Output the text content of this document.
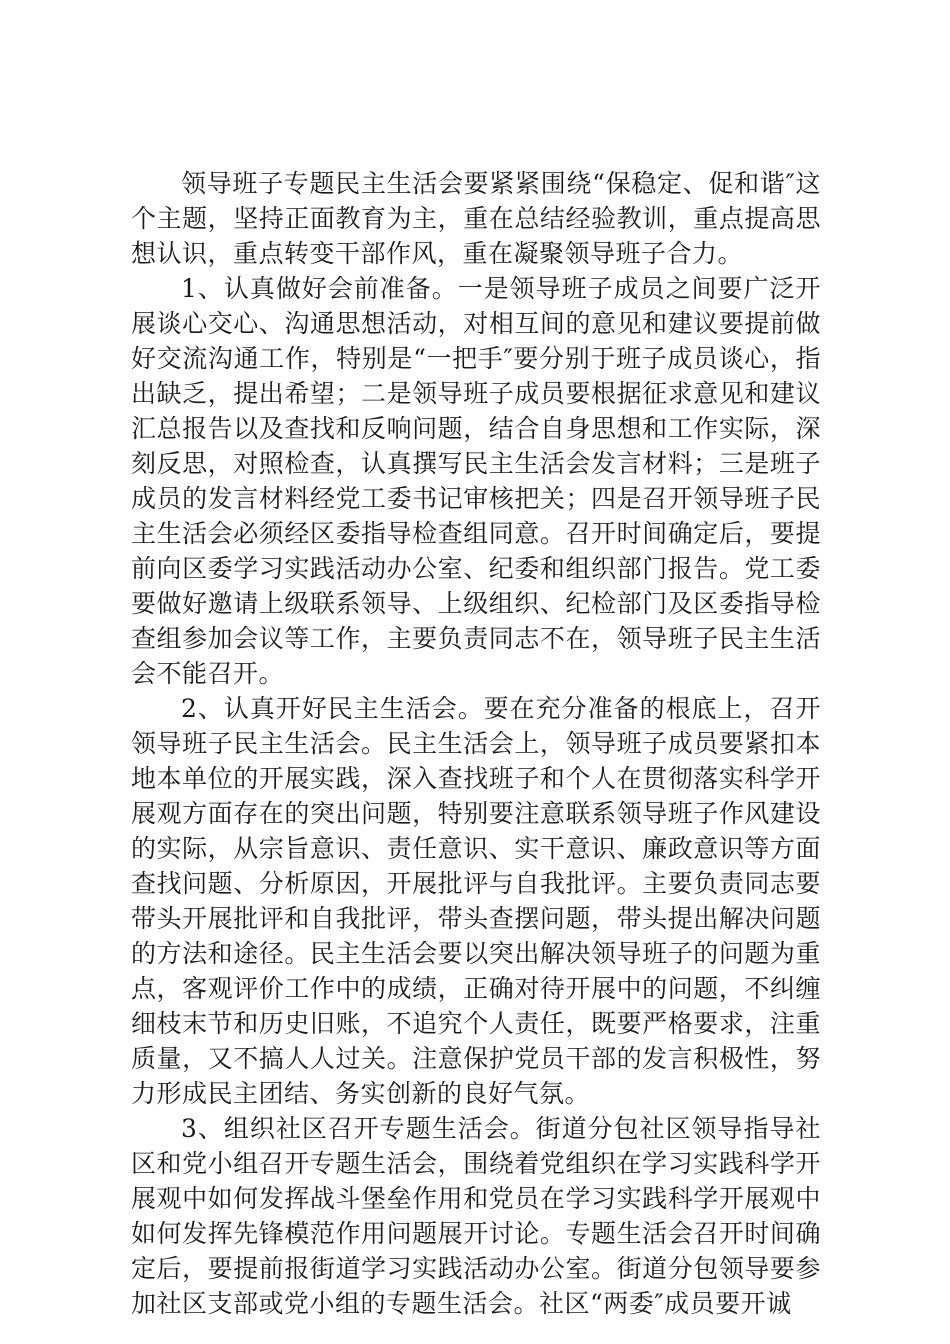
领导班子专题民主生活会要紧紧围绕“保稳定、促和谐″这个主题，坚持正面教育为主，重在总结经验教训，重点提高思想认识，重点转变干部作风，重在凝聚领导班子合力。

1、认真做好会前准备。一是领导班子成员之间要广泛开展谈心交心、沟通思想活动，对相互间的意见和建议要提前做好交流沟通工作，特别是“一把手″要分别于班子成员谈心，指出缺乏，提出希望；二是领导班子成员要根据征求意见和建议汇总报告以及查找和反响问题，结合自身思想和工作实际，深刻反思，对照检查，认真撰写民主生活会发言材料；三是班子成员的发言材料经党工委书记审核把关；四是召开领导班子民主生活会必须经区委指导检查组同意。召开时间确定后，要提前向区委学习实践活动办公室、纪委和组织部门报告。党工委要做好邀请上级联系领导、上级组织、纪检部门及区委指导检查组参加会议等工作，主要负责同志不在，领导班子民主生活会不能召开。

2、认真开好民主生活会。要在充分准备的根底上，召开领导班子民主生活会。民主生活会上，领导班子成员要紧扣本地本单位的开展实践，深入查找班子和个人在贯彻落实科学开展观方面存在的突出问题，特别要注意联系领导班子作风建设的实际，从宗旨意识、责任意识、实干意识、廉政意识等方面查找问题、分析原因，开展批评与自我批评。主要负责同志要带头开展批评和自我批评，带头查摆问题，带头提出解决问题的方法和途径。民主生活会要以突出解决领导班子的问题为重点，客观评价工作中的成绩，正确对待开展中的问题，不纠缠细枝末节和历史旧账，不追究个人责任，既要严格要求，注重质量，又不搞人人过关。注意保护党员干部的发言积极性，努力形成民主团结、务实创新的良好气氛。

3、组织社区召开专题生活会。街道分包社区领导指导社区和党小组召开专题生活会，围绕着党组织在学习实践科学开展观中如何发挥战斗堡垒作用和党员在学习实践科学开展观中如何发挥先锋模范作用问题展开讨论。专题生活会召开时间确定后，要提前报街道学习实践活动办公室。街道分包领导要参加社区支部或党小组的专题生活会。社区“两委″成员要开诚
